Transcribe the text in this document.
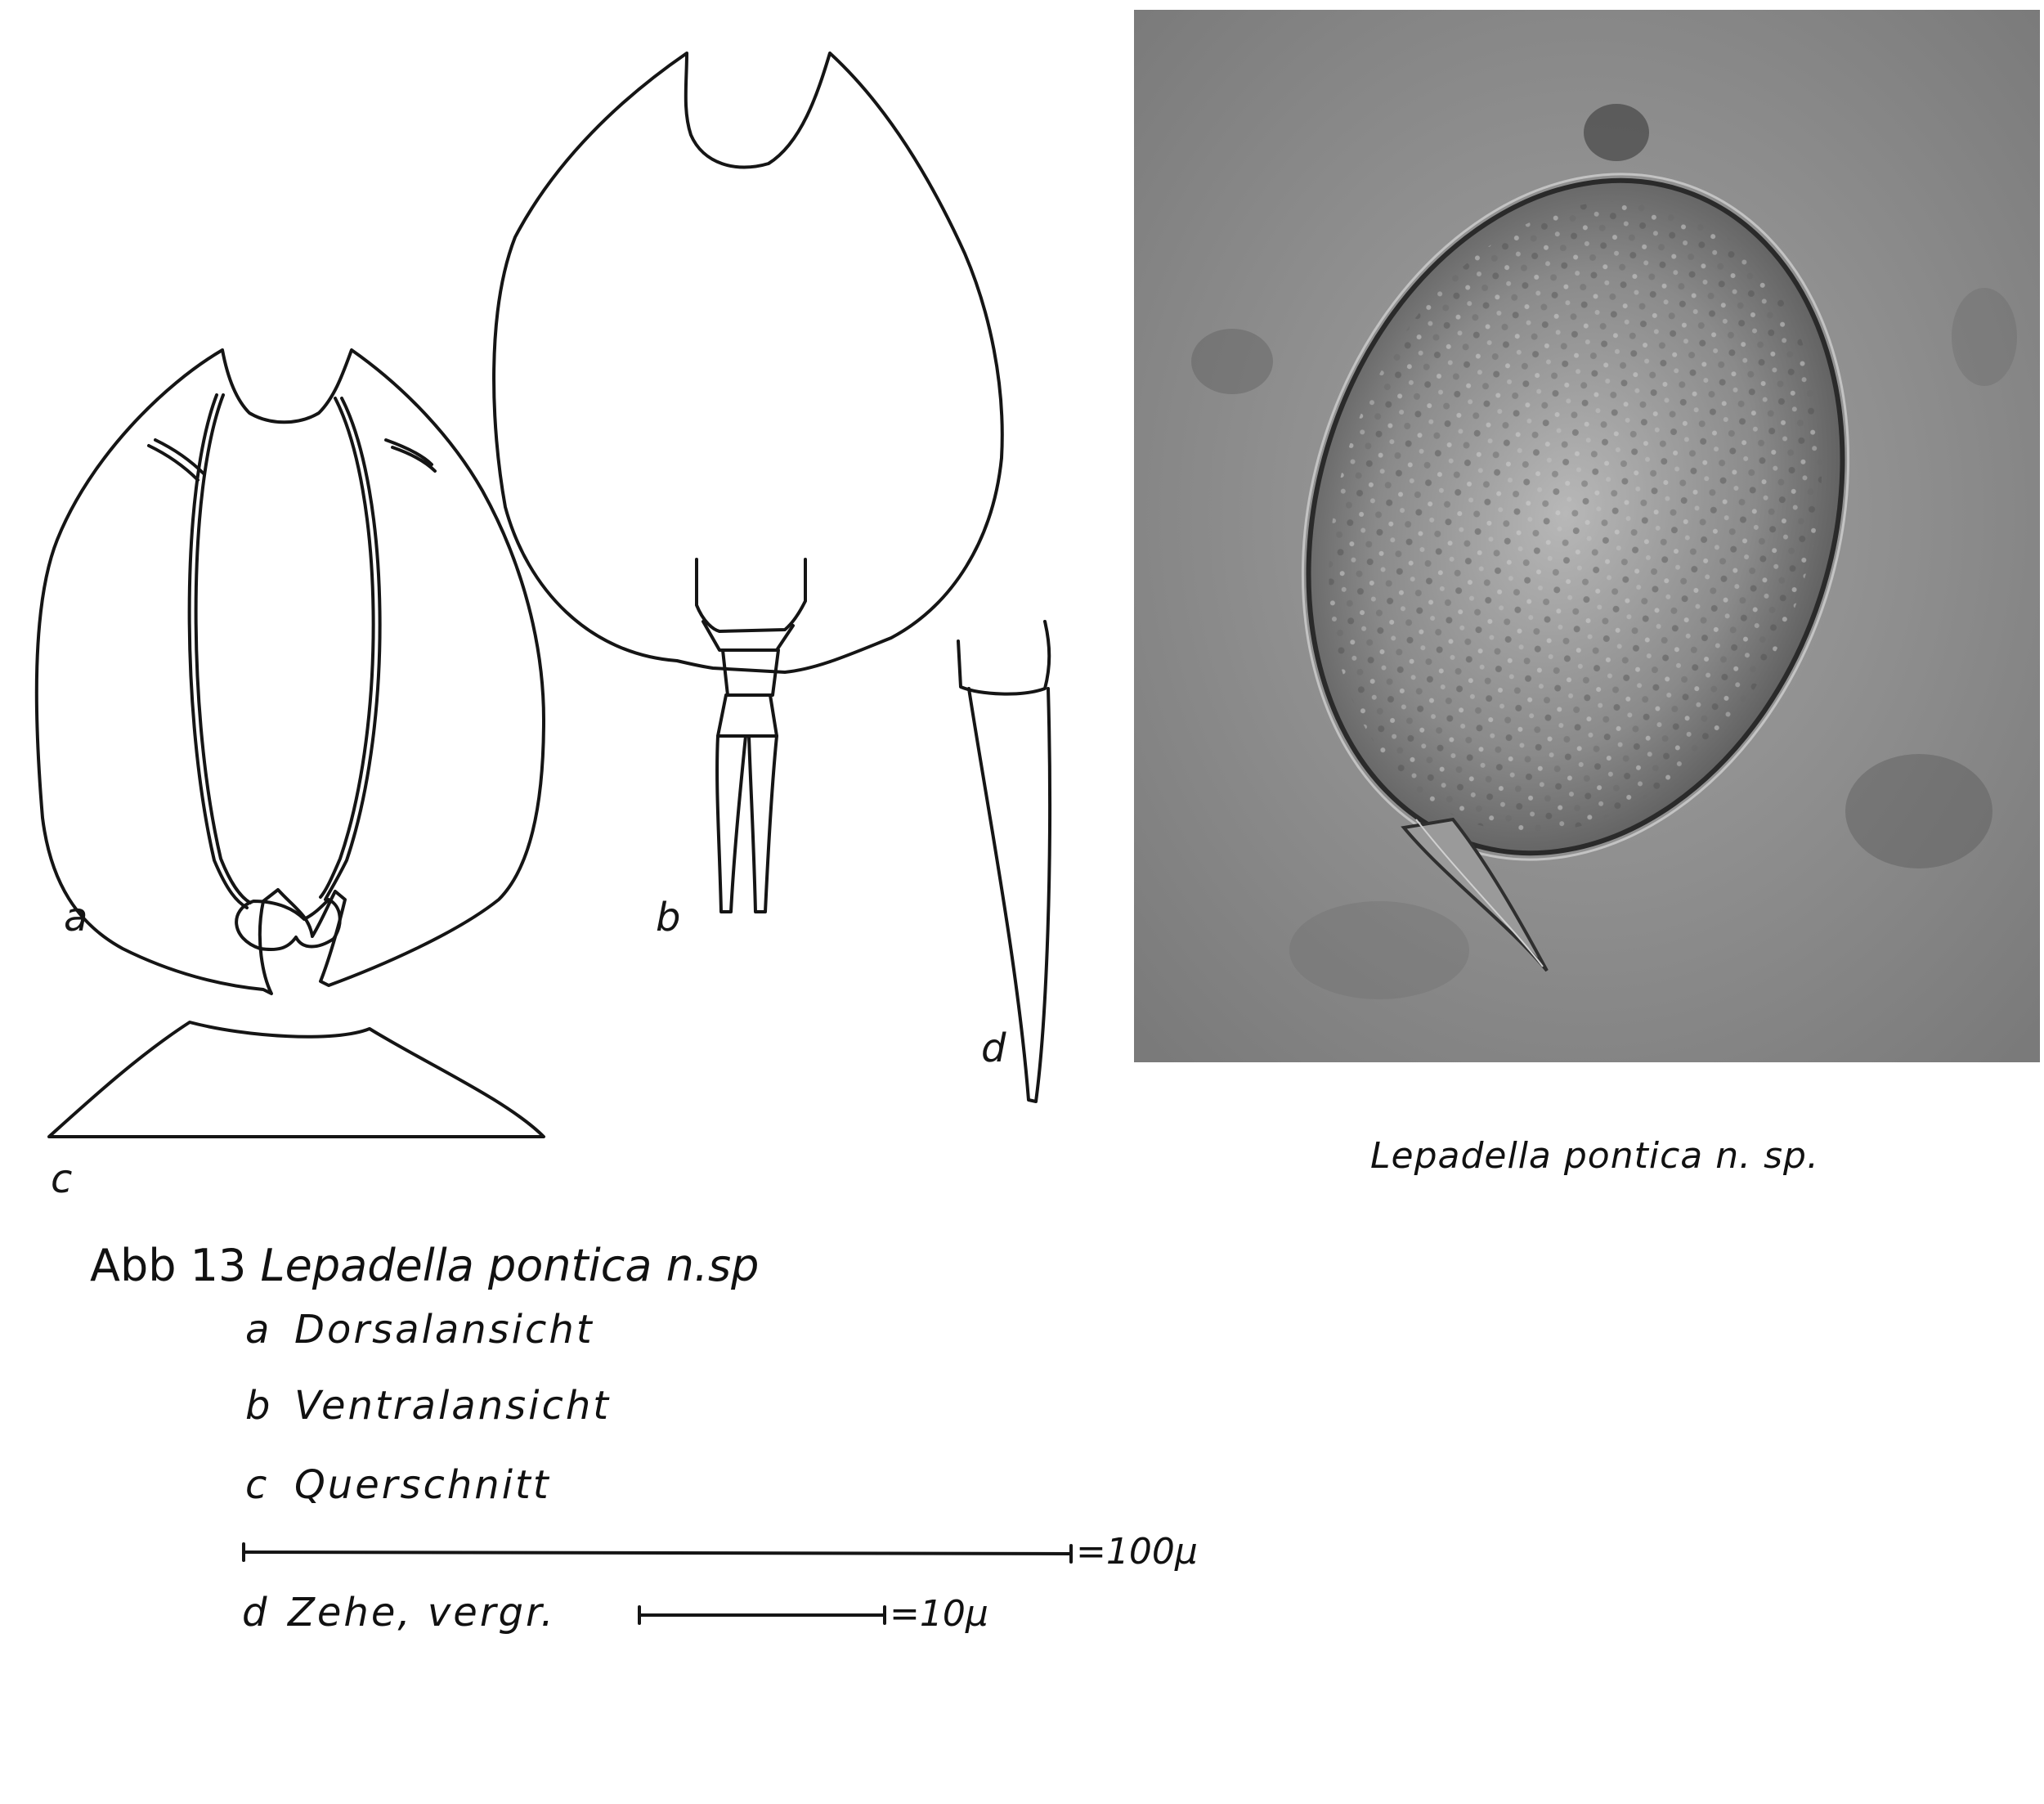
a	b
c
d
Abb 13 Lepadella pontica n.sp
a Dorsalansicht
b Ventralansicht
c Querschnitt
=100µ
d Zehe, vergr.	=10µ
Lepadella pontica n. sp.
